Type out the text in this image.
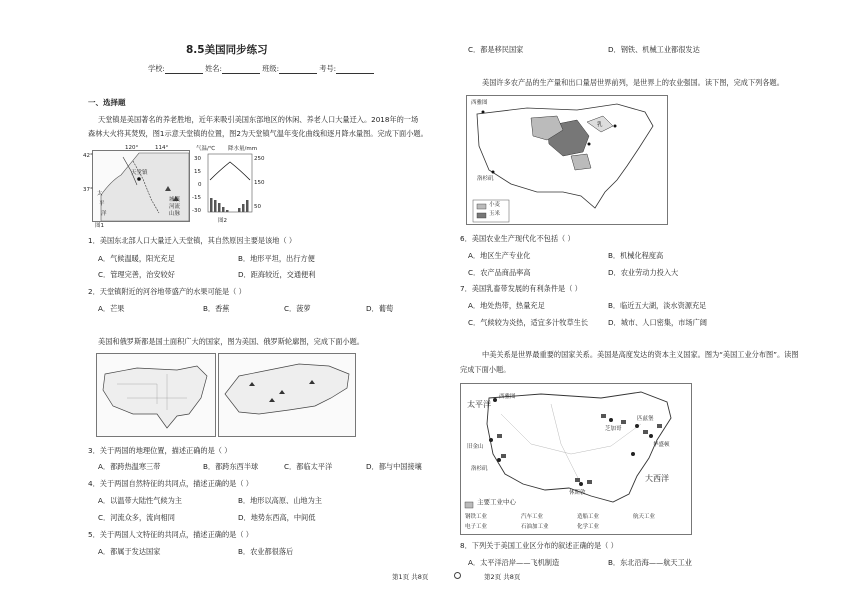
8.5美国同步练习
学校:	姓名:	班级:	考号:
一、选择题
天堂镇是美国著名的养老胜地，近年来吸引美国东部地区的休闲、养老人口大量迁入。2018年的一场
森林大火将其焚毁，图1示意天堂镇的位置，图2为天堂镇气温年变化曲线和逐月降水量图。完成下面小题。
120°	114°
42°
37°
天堂镇
太
平
洋
城镇
河流
山脉
图1
气温/℃ 降水量/mm
30
15
0
-15
-30
250
150
50
图2
1．美国东北部人口大量迁入天堂镇，其自然原因主要是该地（ ）
A．气候温暖，阳光充足	B．地形平坦，出行方便
C．管理完善，治安较好	D．距海较近，交通便利
2．天堂镇附近的河谷地带盛产的水果可能是（ ）
A．芒果	B．香蕉	C．菠萝	D．葡萄
美国和俄罗斯都是国土面积广大的国家，图为美国、俄罗斯轮廓图，完成下面小题。
3．关于两国的地理位置，描述正确的是（ ）
A．都跨热温寒三带	B．都跨东西半球	C．都临太平洋	D．都与中国接壤
4．关于两国自然特征的共同点，描述正确的是（ ）
A．以温带大陆性气候为主	B．地形以高原、山地为主
C．河流众多，流向相同	D．地势东西高，中间低
5．关于两国人文特征的共同点，描述正确的是（ ）
A．都属于发达国家	B．农业都很落后
第1页 共8页
C．都是移民国家	D．钢铁、机械工业都很发达
美国许多农产品的生产量和出口量居世界前列，是世界上的农业强国。读下图，完成下列各题。
西雅图
乳
洛杉矶
小麦
玉米
6．美国农业生产现代化不包括（ ）
A．地区生产专业化	B．机械化程度高
C．农产品商品率高	D．农业劳动力投入大
7．美国乳畜带发展的有利条件是（ ）
A．地处热带，热量充足	B．临近五大湖，淡水资源充足
C．气候较为炎热，适宜多汁牧草生长	D．城市、人口密集，市场广阔
中美关系是世界最重要的国家关系。美国是高度发达的资本主义国家。图为“美国工业分布图”。读图
完成下面小题。
太平洋
大西洋
西雅图
旧金山
洛杉矶
休斯敦
芝加哥
匹兹堡
华盛顿
主要工业中心
钢铁工业	汽车工业	造船工业	航天工业
电子工业	石油加工业	化学工业
8．下列关于美国工业区分布的叙述正确的是（ ）
A．太平洋沿岸——飞机制造	B．东北沿海——航天工业
第2页 共8页
